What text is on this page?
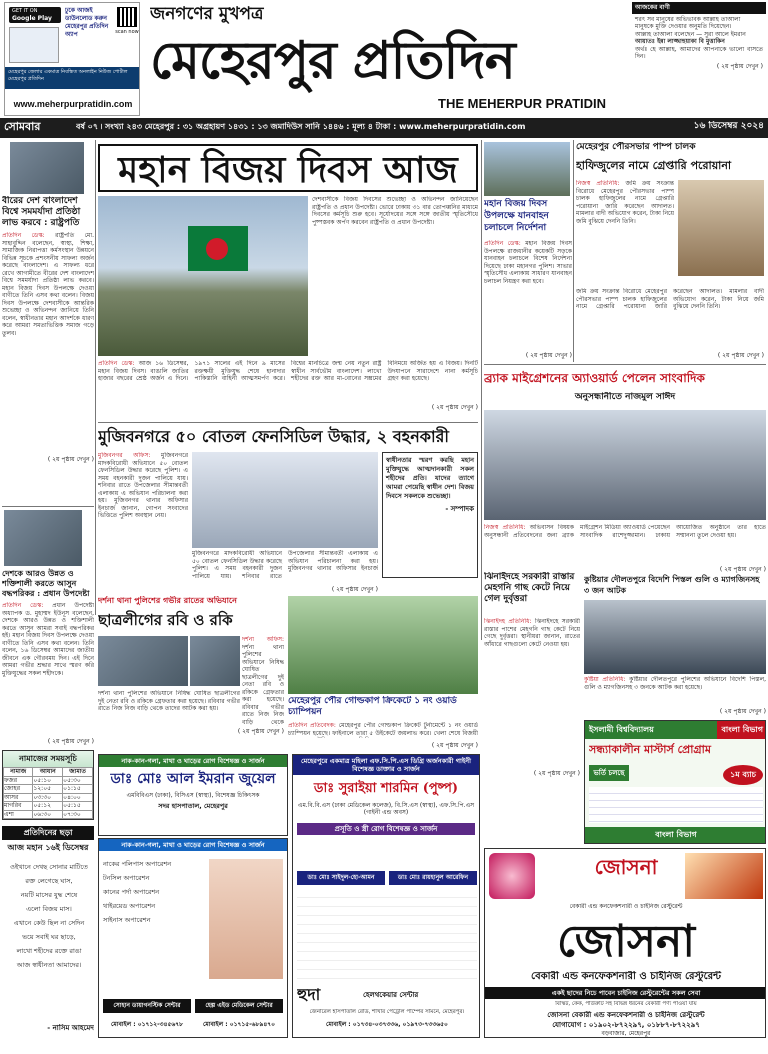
GET IT ON
Google Play
ঢুকে আজই ডাউনলোড করুন মেহেরপুর প্রতিদিন অ্যাপ	scan now
মেহেরপুর জেলার একমাত্র নিবন্ধিত অনলাইন নিউজ পোর্টাল মেহেরপুর প্রতিদিন
www.meherpurpratidin.com
জনগণের মুখপত্র
মেহেরপুর প্রতিদিন
THE MEHERPUR PRATIDIN
আজকের বাণী
শরৎ সব মানুষের অভিভাবক আল্লাহ তাআলা
মানুষকে মুক্তি দেওয়ার অনুমতি দিয়েছেন।
আল্লাহ তাআলা বলেছেন — সুরা আলে ইমরান
আয়াতঃ ইন্না লাজ্জাহুয়াকা বি মুত্তাকিন
অর্থঃ হে আল্লাহ, আমাদের আপনাকে ভালো বাসতে দিন।
( ২য় পৃষ্ঠায় দেখুন )
সোমবার	বর্ষ ০৭ ৷ সংখ্যা ২৪৩ মেহেরপুর : ৩১ অগ্রহায়ণ ১৪৩১ : ১৩ জমাদিউস সানি ১৪৪৬ : মূল্য ৪ টাকা : www.meherpurpratidin.com	১৬ ডিসেম্বর ২০২৪
বীরের দেশ বাংলাদেশ বিশ্বে সমমর্যাদা প্রতিষ্ঠা লাভ করবে : রাষ্ট্রপতি
প্রতিদিন ডেস্ক: রাষ্ট্রপতি মো. সাহাবুদ্দিন বলেছেন, স্বাস্থ্য, শিক্ষা, সামাজিক নিরাপত্তা কর্মসংস্থান উন্নয়নে বিভিন্ন সূচকে প্রশংসনীয় সাফল্য অর্জন করেছে বাংলাদেশ। এ সাফল্য ধরে রেখে আগামীতে বীরের দেশ বাংলাদেশ বিশ্বে সমমর্যাদা প্রতিষ্ঠা লাভ করবে। মহান বিজয় দিবস উপলক্ষে দেওয়া বাণীতে তিনি এসব কথা বলেন। বিজয় দিবস উপলক্ষে দেশবাসীকে আন্তরিক শুভেচ্ছা ও অভিনন্দন জানিয়ে তিনি বলেন, স্বাধীনতার মহান আদর্শকে ধারণ করে আমরা সমতাভিত্তিক সমাজ গড়ে তুলব।
( ২য় পৃষ্ঠায় দেখুন )
দেশকে আরও উন্নত ও শক্তিশালী করতে আসুন বদ্ধপরিকর : প্রধান উপদেষ্টা
প্রতিদিন ডেস্ক: প্রধান উপদেষ্টা অধ্যাপক ড. মুহাম্মদ ইউনূস বলেছেন, দেশকে আরও উন্নত ও শক্তিশালী করতে আসুন আমরা সবাই বদ্ধপরিকর হই। মহান বিজয় দিবস উপলক্ষে দেওয়া বাণীতে তিনি এসব কথা বলেন। তিনি বলেন, ১৬ ডিসেম্বর আমাদের জাতীয় জীবনে এক গৌরবময় দিন। এই দিনে আমরা গভীর শ্রদ্ধার সাথে স্মরণ করি মুক্তিযুদ্ধের সকল শহীদকে।
( ২য় পৃষ্ঠায় দেখুন )
নামাজের সময়সূচি
নামাজ	আযান	জামাত
ফজর	০৫:১০	০৫:৩০
জোহর	১২:০৫	০১:১৫
আসর	০৩:৩০	০৪:০০
মাগরিব	০৫:১২	০৫:১৫
এশা	০৬:৩০	০৭:৩০
প্রতিদিনের ছড়া
আজ মহান ১৬ই ডিসেম্বর
ওইখানে দেখছ সোনার মাটিতে
রক্ত লেগেছে ঘাস,
নয়টি মাসের যুদ্ধ শেষে
এলো বিজয় মাস।
এখানে কেউ ছিল না সেদিন
ভয়ে সবাই ঘর ছাড়ে,
লাখো শহীদের রক্তে রাঙা
আজ স্বাধীনতা আমাদের।
- নাসিম আহমেদ
মহান বিজয় দিবস আজ
দেশবাসীকে বিজয় দিবসের শুভেচ্ছা ও অভিনন্দন জানিয়েছেন রাষ্ট্রপতি ও প্রধান উপদেষ্টা। ভোরে ঢাকায় ৩১ বার তোপধ্বনির মাধ্যমে দিবসের কর্মসূচি শুরু হবে। সূর্যোদয়ের সঙ্গে সঙ্গে জাতীয় স্মৃতিসৌধে পুষ্পস্তবক অর্পণ করবেন রাষ্ট্রপতি ও প্রধান উপদেষ্টা।
প্রতিদিন ডেস্ক: আজ ১৬ ডিসেম্বর, মহান বিজয় দিবস। বাঙালি জাতির হাজার বছরের শ্রেষ্ঠ অর্জন এ দিনে। ১৯৭১ সালের এই দিনে ৯ মাসের রক্তক্ষয়ী মুক্তিযুদ্ধ শেষে হানাদার পাকিস্তানি বাহিনী আত্মসমর্পণ করে। বিশ্বের মানচিত্রে জন্ম নেয় নতুন রাষ্ট্র স্বাধীন সার্বভৌম বাংলাদেশ। লাখো শহীদের রক্ত আর মা-বোনের সম্ভ্রমের বিনিময়ে অর্জিত হয় এ বিজয়। দিনটি উদযাপনে সারাদেশে নানা কর্মসূচি গ্রহণ করা হয়েছে।
( ২য় পৃষ্ঠায় দেখুন )
মুজিবনগরে ৫০ বোতল ফেনসিডিল উদ্ধার, ২ বহনকারী
মুজিবনগর অফিস: মুজিবনগরে মাদকবিরোধী অভিযানে ৫০ বোতল ফেনসিডিল উদ্ধার করেছে পুলিশ। এ সময় বহনকারী দুজন পালিয়ে যায়। শনিবার রাতে উপজেলার সীমান্তবর্তী এলাকায় এ অভিযান পরিচালনা করা হয়। মুজিবনগর থানার অফিসার ইনচার্জ জানান, গোপন সংবাদের ভিত্তিতে পুলিশ অবস্থান নেয়।
মুজিবনগরে মাদকবিরোধী অভিযানে ৫০ বোতল ফেনসিডিল উদ্ধার করেছে পুলিশ। এ সময় বহনকারী দুজন পালিয়ে যায়। শনিবার রাতে উপজেলার সীমান্তবর্তী এলাকায় এ অভিযান পরিচালনা করা হয়। মুজিবনগর থানার অফিসার ইনচার্জ
( ২য় পৃষ্ঠায় দেখুন )
স্বাধীনতার স্মরণ করছি মহান মুক্তিযুদ্ধে আত্মদানকারী সকল শহীদের প্রতি। যাদের ত্যাগে আমরা পেয়েছি স্বাধীন দেশ। বিজয় দিবসে সকলকে শুভেচ্ছা।
- সম্পাদক
দর্শনা থানা পুলিশের গভীর রাতের অভিযানে
ছাত্রলীগের রবি ও রকি
দর্শনা অফিস: দর্শনা থানা পুলিশের অভিযানে নিষিদ্ধ ঘোষিত ছাত্রলীগের দুই নেতা রবি ও রকিকে গ্রেফতার করা হয়েছে। রবিবার গভীর রাতে নিজ নিজ বাড়ি থেকে
দর্শনা থানা পুলিশের অভিযানে নিষিদ্ধ ঘোষিত ছাত্রলীগের দুই নেতা রবি ও রকিকে গ্রেফতার করা হয়েছে। রবিবার গভীর রাতে নিজ নিজ বাড়ি থেকে তাদের আটক করা হয়।
( ২য় পৃষ্ঠায় দেখুন )
মেহেরপুর পৌর গোল্ডকাপ ক্রিকেটে ১ নং ওয়ার্ড চ্যাম্পিয়ন
প্রতিদিন প্রতিবেদক: মেহেরপুর পৌর গোল্ডকাপ ক্রিকেট টুর্নামেন্টে ১ নং ওয়ার্ড চ্যাম্পিয়ন হয়েছে। ফাইনালে তারা ৫ উইকেটে জয়লাভ করে। খেলা শেষে বিজয়ী
( ২য় পৃষ্ঠায় দেখুন )
মহান বিজয় দিবস উপলক্ষে যানবাহন চলাচলে নির্দেশনা
প্রতিদিন ডেস্ক: মহান বিজয় দিবস উপলক্ষে রাজধানীর কয়েকটি সড়কে যানবাহন চলাচলে বিশেষ নির্দেশনা দিয়েছে ঢাকা মহানগর পুলিশ। সাভার স্মৃতিসৌধ এলাকায় সাধারণ যানবাহন চলাচল নিয়ন্ত্রণ করা হবে।
( ২য় পৃষ্ঠায় দেখুন )
মেহেরপুর পৌরসভার পাম্প চালক
হাফিজুলের নামে গ্রেপ্তারি পরোয়ানা
নিজস্ব প্রতিনিধি: জমি ক্রয় সংক্রান্ত বিরোধে মেহেরপুর পৌরসভার পাম্প চালক হাফিজুলের নামে গ্রেপ্তারি পরোয়ানা জারি করেছেন আদালত। মামলার বাদী অভিযোগ করেন, টাকা নিয়ে জমি বুঝিয়ে দেননি তিনি।
জমি ক্রয় সংক্রান্ত বিরোধে মেহেরপুর পৌরসভার পাম্প চালক হাফিজুলের নামে গ্রেপ্তারি পরোয়ানা জারি করেছেন আদালত। মামলার বাদী অভিযোগ করেন, টাকা নিয়ে জমি বুঝিয়ে দেননি তিনি।
( ২য় পৃষ্ঠায় দেখুন )
ব্র্যাক মাইগ্রেশনের অ্যাওয়ার্ড পেলেন সাংবাদিক
অনুসন্ধানীতে নাজমুল সাঈদ
নিজস্ব প্রতিনিধি: অভিবাসন বিষয়ক অনুসন্ধানী প্রতিবেদনের জন্য ব্র্যাক মাইগ্রেশন মিডিয়া অ্যাওয়ার্ড পেয়েছেন সাংবাদিক রাশেদুজ্জামান। ঢাকায় আয়োজিত অনুষ্ঠানে তার হাতে সম্মাননা তুলে দেওয়া হয়।
( ২য় পৃষ্ঠায় দেখুন )
ঝিনাইদহে সরকারী রাস্তার মেহগনি গাছ কেটে নিয়ে গেল দুর্বৃত্তরা
ঝিনাইদহ প্রতিনিধি: ঝিনাইদহে সরকারী রাস্তার পাশের মেহগনি গাছ কেটে নিয়ে গেছে দুর্বৃত্তরা। স্থানীয়রা জানান, রাতের আঁধারে গাছগুলো কেটে নেওয়া হয়।
( ২য় পৃষ্ঠায় দেখুন )
কুষ্টিয়ার দৌলতপুরে বিদেশি পিস্তল গুলি ও ম্যাগজিনসহ ৩ জন আটক
কুষ্টিয়া প্রতিনিধি: কুষ্টিয়ার দৌলতপুরে পুলিশের অভিযানে বিদেশি পিস্তল, গুলি ও ম্যাগজিনসহ ৩ জনকে আটক করা হয়েছে।
( ২য় পৃষ্ঠায় দেখুন )
নাক-কান-গলা, মাথা ও ঘাড়ের রোগ বিশেষজ্ঞ ও সার্জন
ডাঃ মোঃ আল ইমরান জুয়েল
এমবিবিএস (ঢাকা), বিসিএস (স্বাস্থ্য), বিশেষজ্ঞ চিকিৎসক
সদর হাসপাতাল, মেহেরপুর
নাক-কান-গলা, মাথা ও ঘাড়ের রোগ বিশেষজ্ঞ ও সার্জন
নাকের পলিপাস অপারেশন
টনসিল অপারেশন
কানের পর্দা অপারেশন
থাইরয়েড অপারেশন
সাইনাস অপারেশন
সোহান ডায়াগনস্টিক সেন্টার	হেল্প এইড মেডিকেল সেন্টার
মোবাইল : ০১৭১২-৩৪৫৬৭৮	মোবাইল : ০১৭১৫-৬৮৯৪৭০
মেহেরপুরে একমাত্র মহিলা এফ.সি.পি.এস ডিগ্রি অর্জনকারী গাইনী বিশেষজ্ঞ ডাক্তার ও সার্জন
ডাঃ সুরাইয়া শারমিন (পুষ্প)
এম.বি.বি.এস (ঢাকা মেডিকেল কলেজ), বি.সি.এস (স্বাস্থ্য), এফ.সি.পি.এস (গাইনী এন্ড অবস)
প্রসূতি ও স্ত্রী রোগ বিশেষজ্ঞ ও সার্জন
ডাঃ মোঃ সাইদুল-হো-আমন	ডাঃ মোঃ রায়হানুল আরেফিন
হুদা	হেলথকেয়ার সেন্টার
জেনারেল হাসপাতাল রোড, শাখার পেট্রোল পাম্পের সামনে, মেহেরপুর।
মোবাইল : ০১৭৩৪-০৩৭৩৩৬, ০১৯৭৩-৭৩৩৬৫০
ইসলামী বিশ্ববিদ্যালয়	বাংলা বিভাগ
সন্ধ্যাকালীন মাস্টার্স প্রোগ্রাম
ভর্তি চলছে	১ম ব্যাচ
বাংলা বিভাগ
জোসনা
বেকারী এন্ড কনফেকশনারী ও চাইনিজ রেস্টুরেন্ট
জোসনা
বেকারী এন্ড কনফেকশনারী ও চাইনিজ রেস্টুরেন্ট
একই ছাদের নিচে পাবেন চাইনিজ রেস্টুরেন্টের সকল সেবা
বিস্কিট, কেক, পাউরুটি সহ বিভিন্ন ধরনের বেকারী পণ্য পাওয়া যায়
জোসনা বেকারী এন্ড কনফেকশনারী ও চাইনিজ রেস্টুরেন্ট
যোগাযোগ : ০১৯০২-৮৭২২৯৭, ০১৮৮৭-৮৭২২৯৭
বড়বাজার, মেহেরপুর
